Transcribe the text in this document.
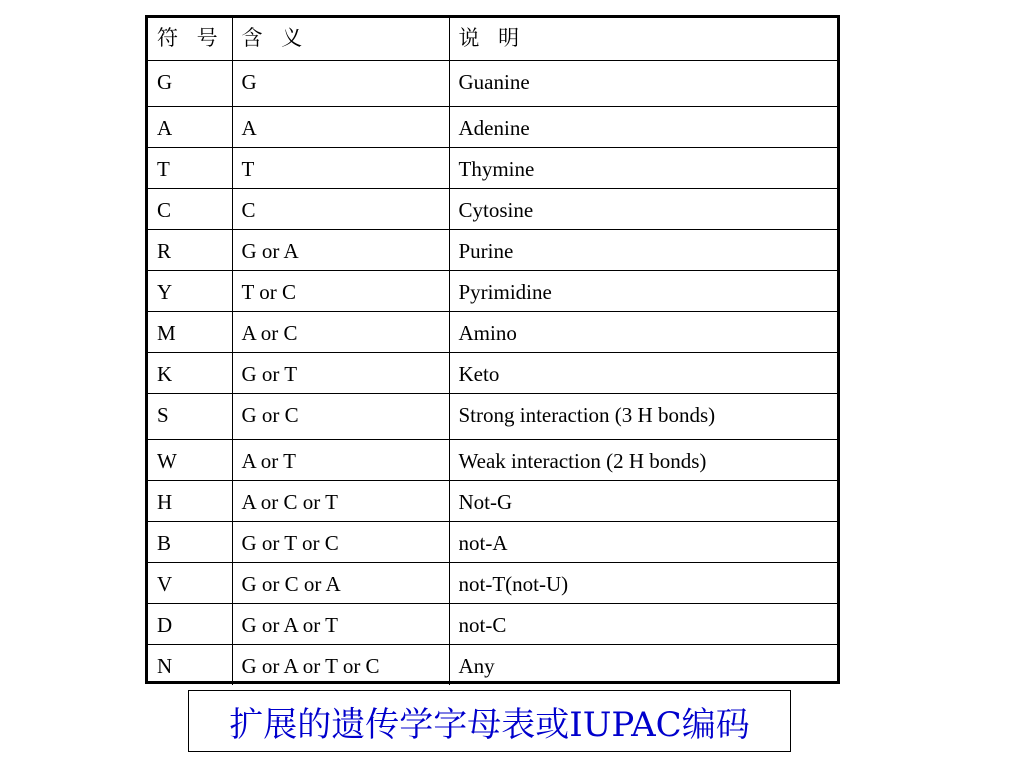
符 号	含 义	说 明
G	G	Guanine
A	A	Adenine
T	T	Thymine
C	C	Cytosine
R	G or A	Purine
Y	T or C	Pyrimidine
M	A or C	Amino
K	G or T	Keto
S	G or C	Strong interaction (3 H bonds)
W	A or T	Weak interaction (2 H bonds)
H	A or C or T	Not-G
B	G or T or C	not-A
V	G or C or A	not-T(not-U)
D	G or A or T	not-C
N	G or A or T or C	Any
扩展的遗传学字母表或IUPAC编码
